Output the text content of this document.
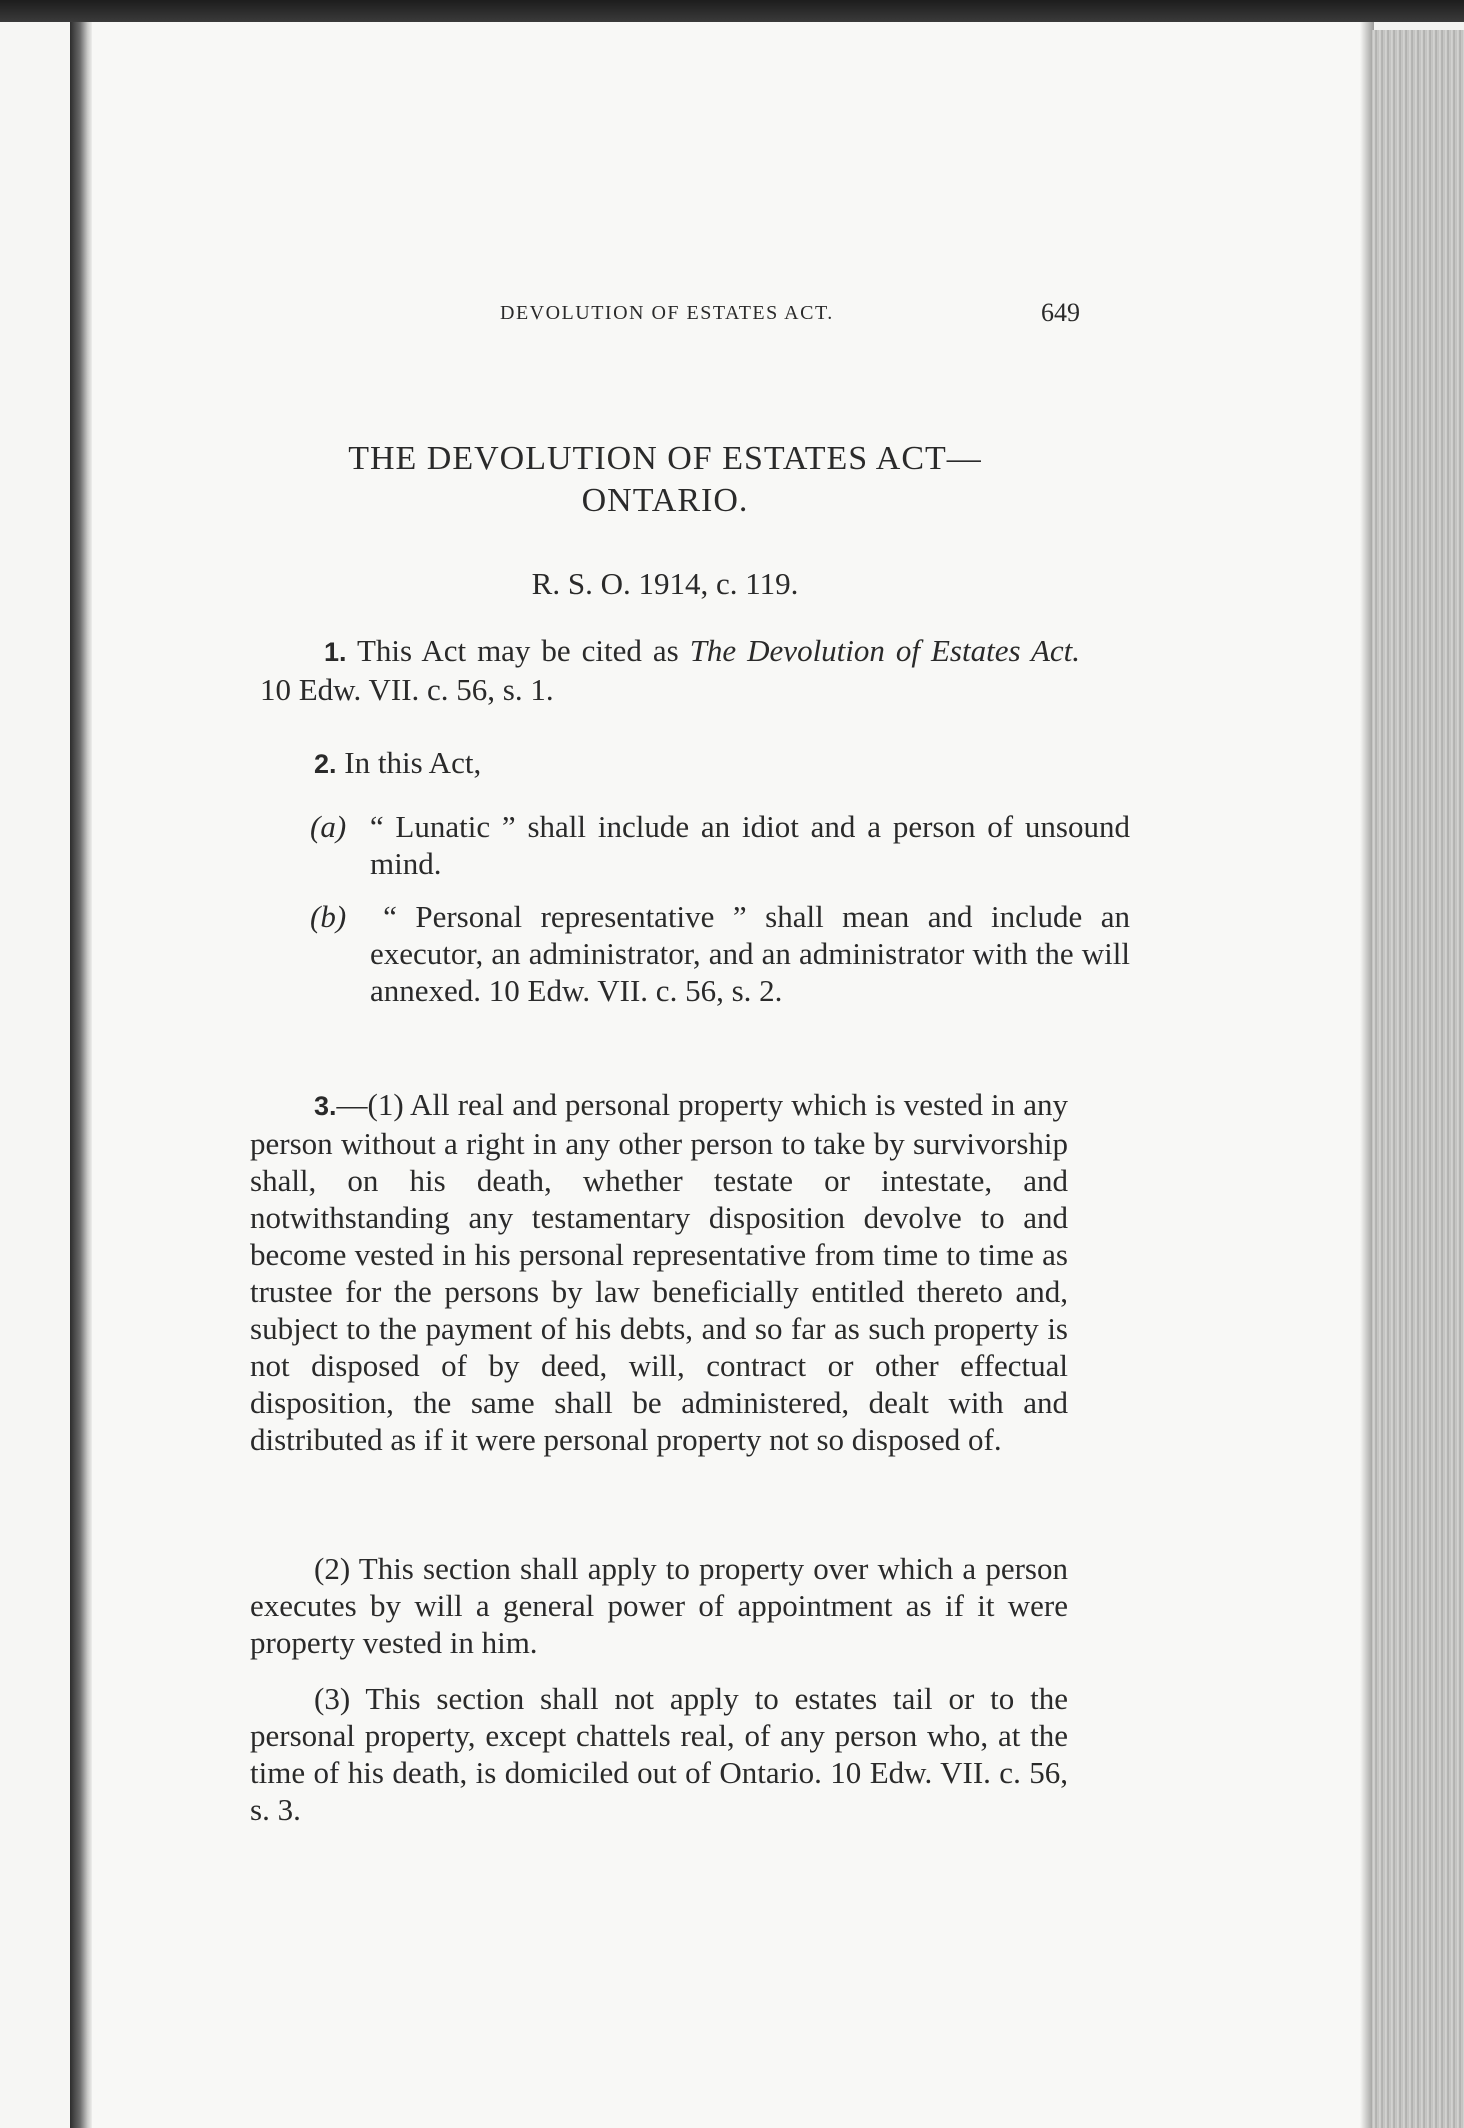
DEVOLUTION OF ESTATES ACT.	649
THE DEVOLUTION OF ESTATES ACT—
ONTARIO.
R. S. O. 1914, c. 119.
1. This Act may be cited as The Devolution of Estates Act. 10 Edw. VII. c. 56, s. 1.
2. In this Act,
(a) “ Lunatic ” shall include an idiot and a person of unsound mind.
(b) “ Personal representative ” shall mean and include an executor, an administrator, and an administrator with the will annexed. 10 Edw. VII. c. 56, s. 2.
3.—(1) All real and personal property which is vested in any person without a right in any other person to take by survivorship shall, on his death, whether testate or intestate, and notwithstanding any testamentary disposition devolve to and become vested in his personal representative from time to time as trustee for the persons by law beneficially entitled thereto and, subject to the payment of his debts, and so far as such property is not disposed of by deed, will, contract or other effectual disposition, the same shall be administered, dealt with and distributed as if it were personal property not so disposed of.
(2) This section shall apply to property over which a person executes by will a general power of appointment as if it were property vested in him.
(3) This section shall not apply to estates tail or to the personal property, except chattels real, of any person who, at the time of his death, is domiciled out of Ontario. 10 Edw. VII. c. 56, s. 3.
